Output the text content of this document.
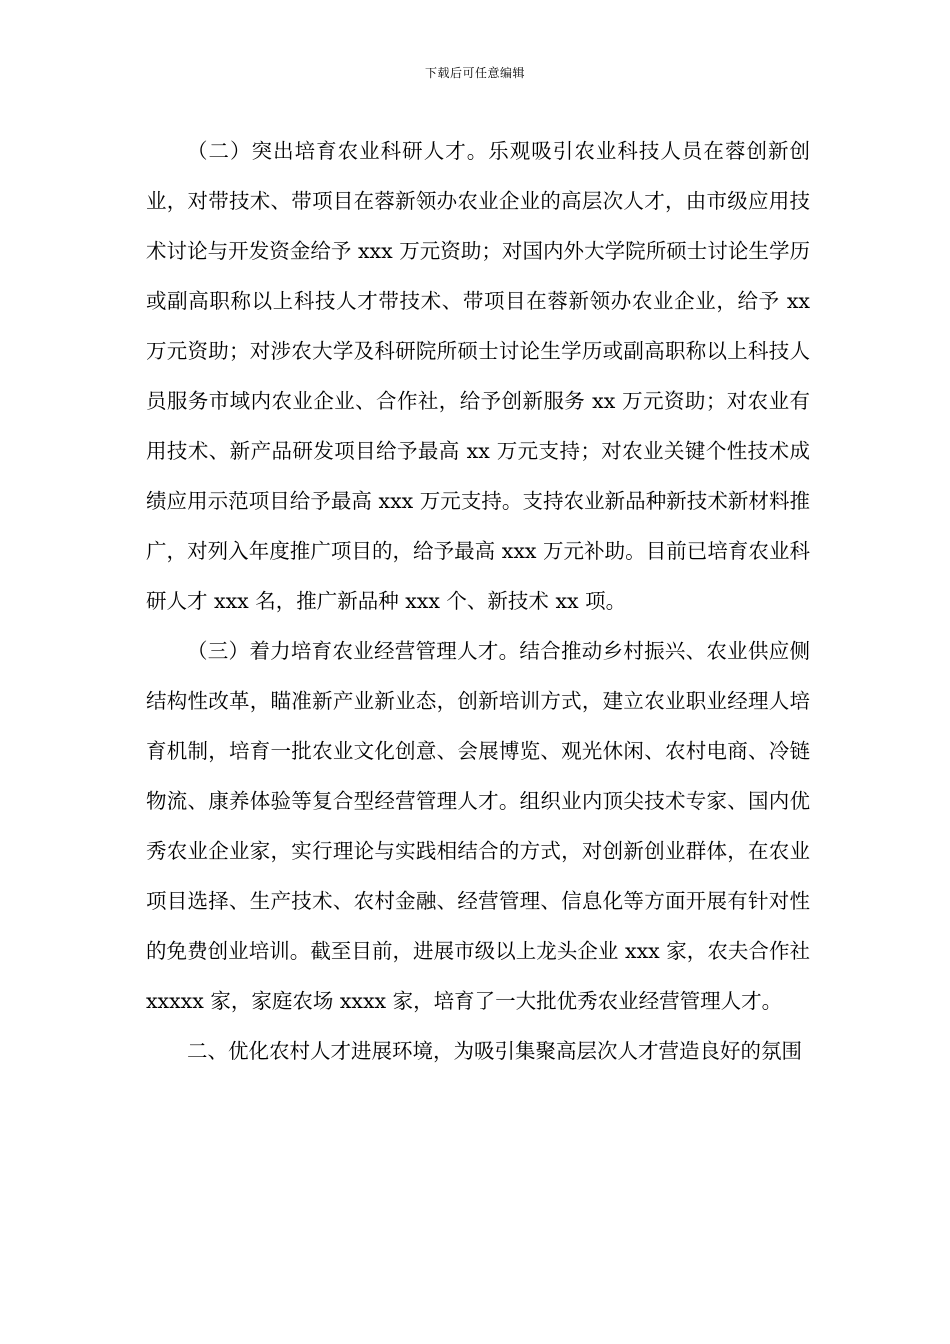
下载后可任意编辑

（二）突出培育农业科研人才。乐观吸引农业科技人员在蓉创新创业，对带技术、带项目在蓉新领办农业企业的高层次人才，由市级应用技术讨论与开发资金给予 xxx 万元资助；对国内外大学院所硕士讨论生学历或副高职称以上科技人才带技术、带项目在蓉新领办农业企业，给予 xx 万元资助；对涉农大学及科研院所硕士讨论生学历或副高职称以上科技人员服务市域内农业企业、合作社，给予创新服务 xx 万元资助；对农业有用技术、新产品研发项目给予最高 xx 万元支持；对农业关键个性技术成绩应用示范项目给予最高 xxx 万元支持。支持农业新品种新技术新材料推广，对列入年度推广项目的，给予最高 xxx 万元补助。目前已培育农业科研人才 xxx 名，推广新品种 xxx 个、新技术 xx 项。

（三）着力培育农业经营管理人才。结合推动乡村振兴、农业供应侧结构性改革，瞄准新产业新业态，创新培训方式，建立农业职业经理人培育机制，培育一批农业文化创意、会展博览、观光休闲、农村电商、冷链物流、康养体验等复合型经营管理人才。组织业内顶尖技术专家、国内优秀农业企业家，实行理论与实践相结合的方式，对创新创业群体，在农业项目选择、生产技术、农村金融、经营管理、信息化等方面开展有针对性的免费创业培训。截至目前，进展市级以上龙头企业 xxx 家，农夫合作社 xxxxx 家，家庭农场 xxxx 家，培育了一大批优秀农业经营管理人才。

二、优化农村人才进展环境，为吸引集聚高层次人才营造良好的氛围
